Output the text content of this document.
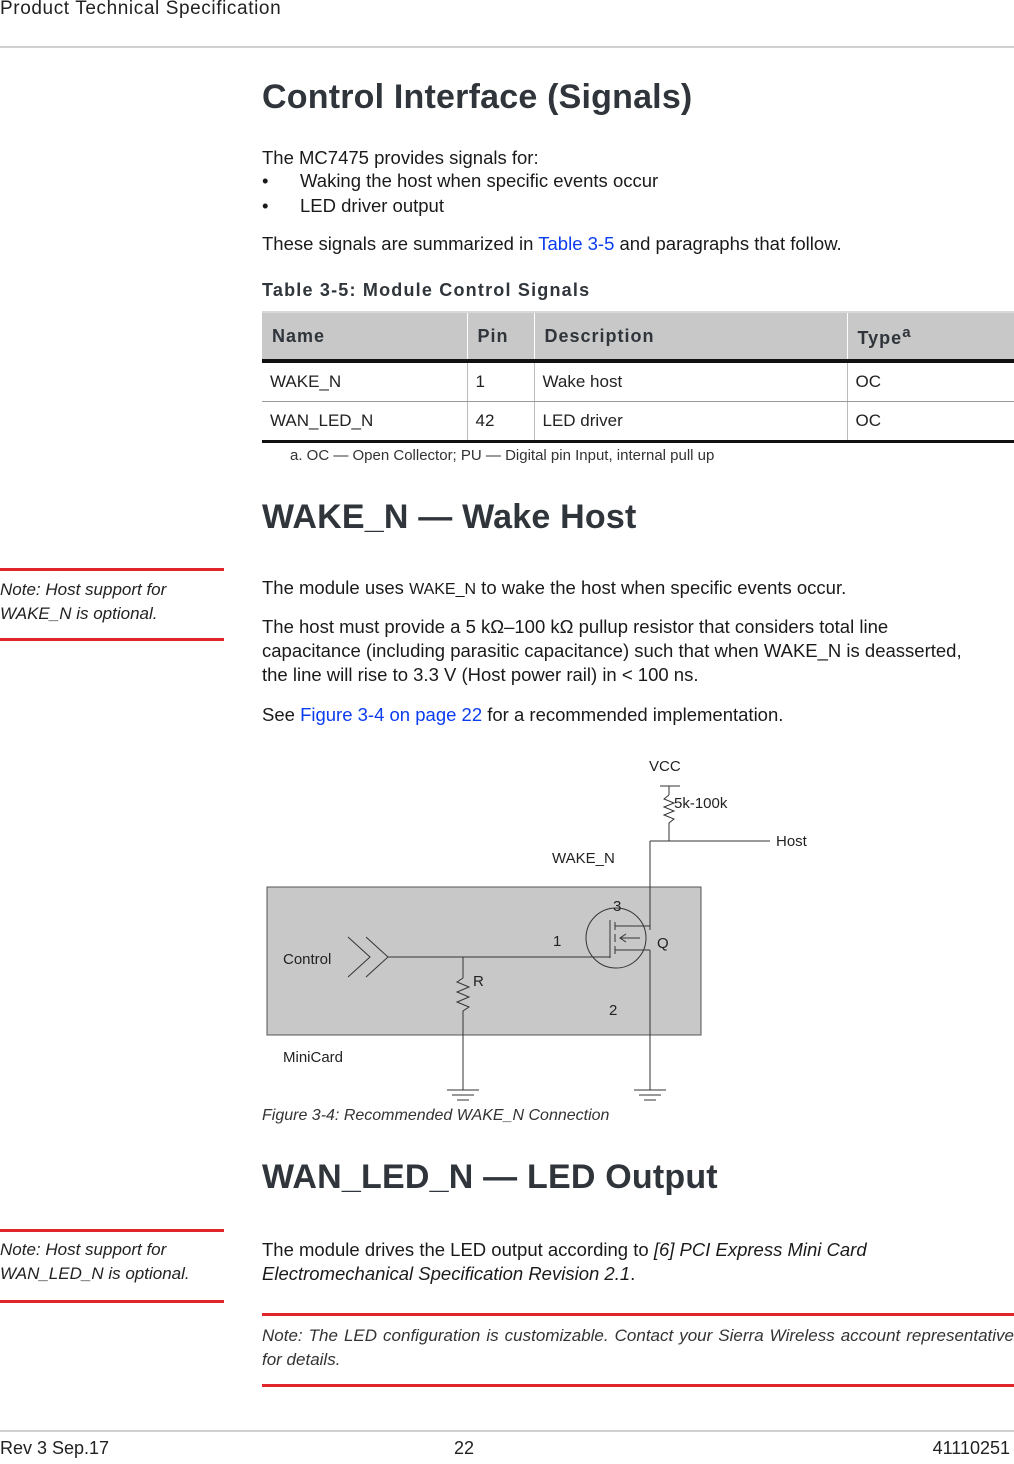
Product Technical Specification
Control Interface (Signals)
The MC7475 provides signals for:
• Waking the host when specific events occur
• LED driver output
These signals are summarized in Table 3-5 and paragraphs that follow.
Table 3-5: Module Control Signals
Name	Pin	Description	Type$^a$
WAKE_N	1	Wake host	OC
WAN_LED_N	42	LED driver	OC
a. OC — Open Collector; PU — Digital pin Input, internal pull up
WAKE_N — Wake Host
Note: Host support for WAKE_N is optional.
The module uses WAKE_N to wake the host when specific events occur.
The host must provide a 5 kΩ–100 kΩ pullup resistor that considers total line capacitance (including parasitic capacitance) such that when WAKE_N is deasserted, the line will rise to 3.3 V (Host power rail) in < 100 ns.
See Figure 3-4 on page 22 for a recommended implementation.
VCC
5k-100k
Host
WAKE_N
3
1
2
Q
Control
R
MiniCard
Figure 3-4: Recommended WAKE_N Connection
WAN_LED_N — LED Output
Note: Host support for WAN_LED_N is optional.
The module drives the LED output according to [6] PCI Express Mini Card Electromechanical Specification Revision 2.1.
Note: The LED configuration is customizable. Contact your Sierra Wireless account representative for details.
Rev 3 Sep.17	22	41110251
